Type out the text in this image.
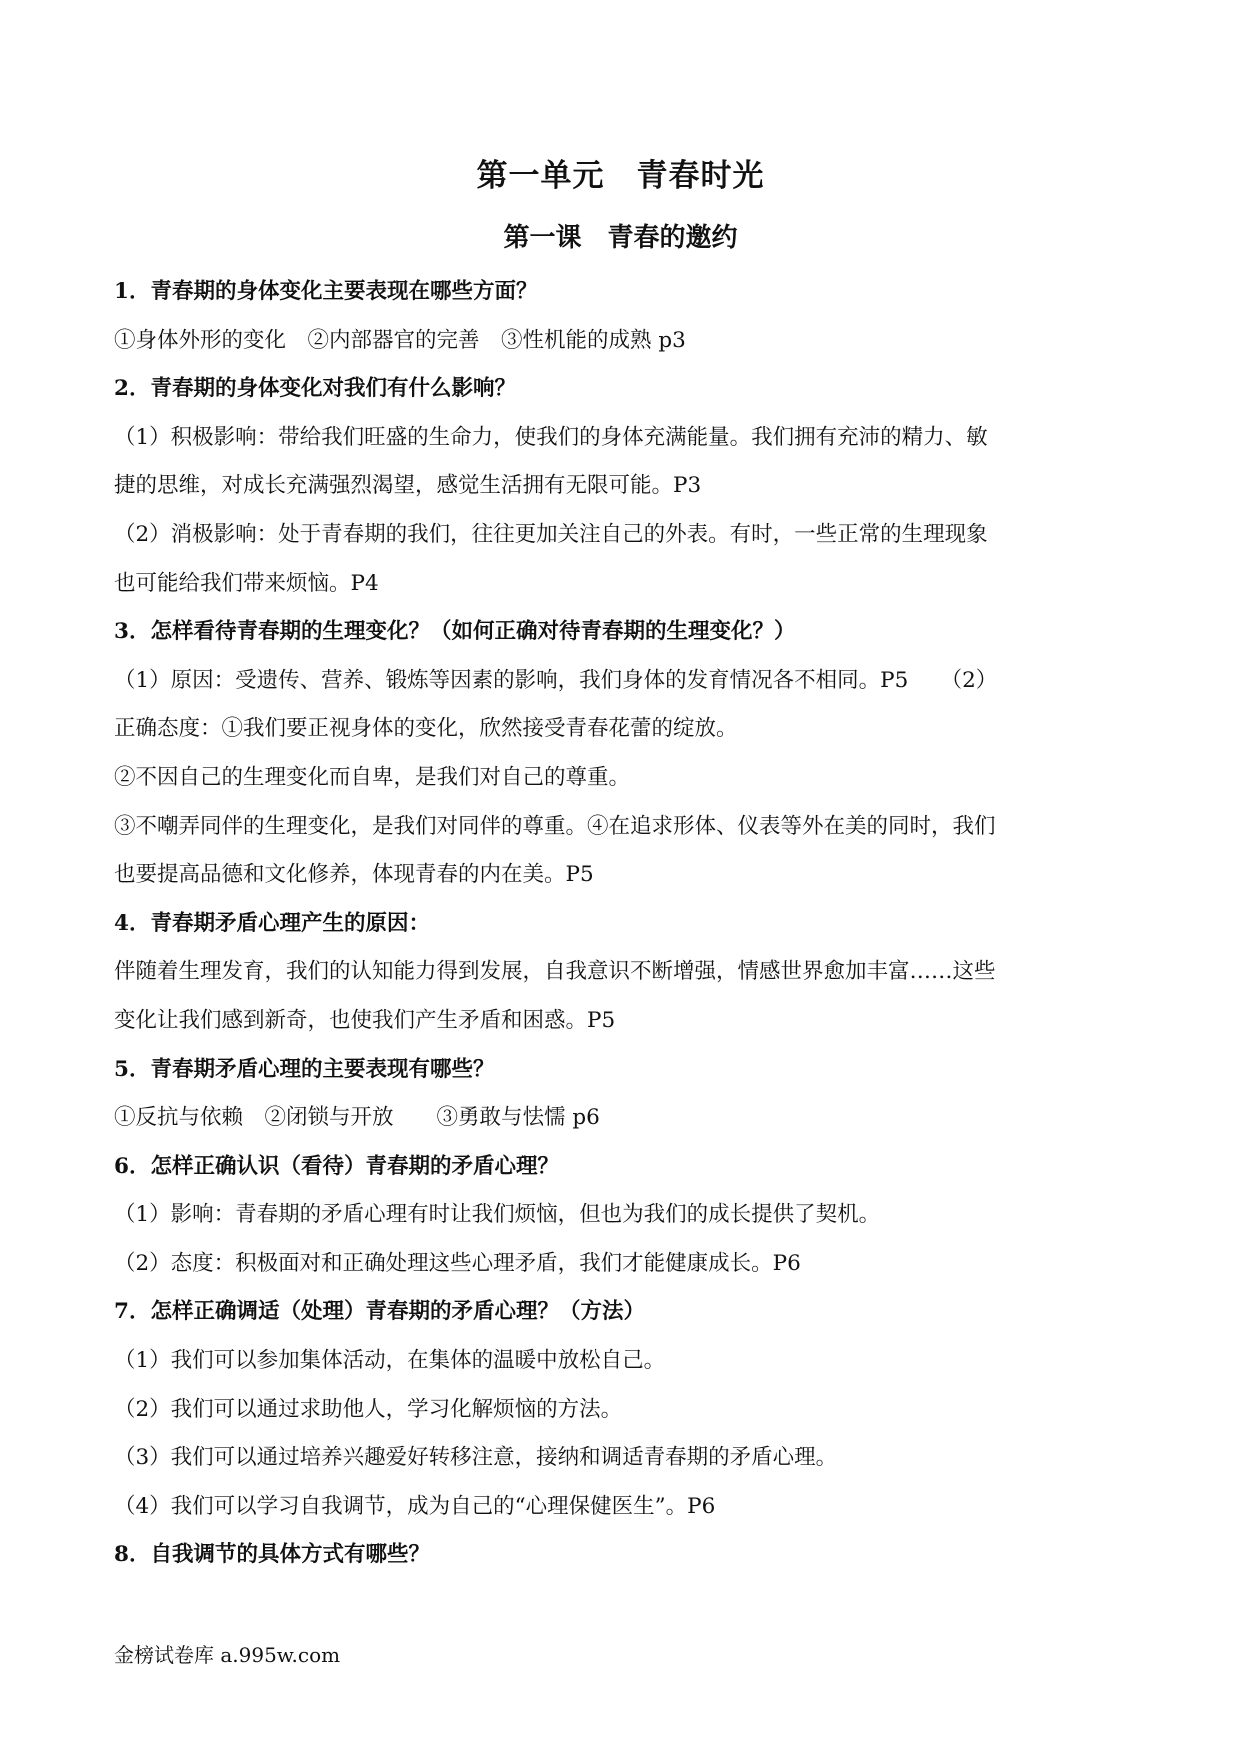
第一单元　青春时光
第一课　青春的邀约
1．青春期的身体变化主要表现在哪些方面？
①身体外形的变化　②内部器官的完善　③性机能的成熟 p3
2．青春期的身体变化对我们有什么影响？
（1）积极影响：带给我们旺盛的生命力，使我们的身体充满能量。我们拥有充沛的精力、敏
捷的思维，对成长充满强烈渴望，感觉生活拥有无限可能。P3
（2）消极影响：处于青春期的我们，往往更加关注自己的外表。有时，一些正常的生理现象
也可能给我们带来烦恼。P4
3．怎样看待青春期的生理变化？（如何正确对待青春期的生理变化？）
（1）原因：受遗传、营养、锻炼等因素的影响，我们身体的发育情况各不相同。P5　　（2）
正确态度：①我们要正视身体的变化，欣然接受青春花蕾的绽放。
②不因自己的生理变化而自卑，是我们对自己的尊重。
③不嘲弄同伴的生理变化，是我们对同伴的尊重。④在追求形体、仪表等外在美的同时，我们
也要提高品德和文化修养，体现青春的内在美。P5
4．青春期矛盾心理产生的原因：
伴随着生理发育，我们的认知能力得到发展，自我意识不断增强，情感世界愈加丰富……这些
变化让我们感到新奇，也使我们产生矛盾和困惑。P5
5．青春期矛盾心理的主要表现有哪些？
①反抗与依赖　②闭锁与开放　　③勇敢与怯懦 p6
6．怎样正确认识（看待）青春期的矛盾心理？
（1）影响：青春期的矛盾心理有时让我们烦恼，但也为我们的成长提供了契机。
（2）态度：积极面对和正确处理这些心理矛盾，我们才能健康成长。P6
7．怎样正确调适（处理）青春期的矛盾心理？（方法）
（1）我们可以参加集体活动，在集体的温暖中放松自己。
（2）我们可以通过求助他人，学习化解烦恼的方法。
（3）我们可以通过培养兴趣爱好转移注意，接纳和调适青春期的矛盾心理。
（4）我们可以学习自我调节，成为自己的“心理保健医生”。P6
8．自我调节的具体方式有哪些？
金榜试卷库 a.995w.com
